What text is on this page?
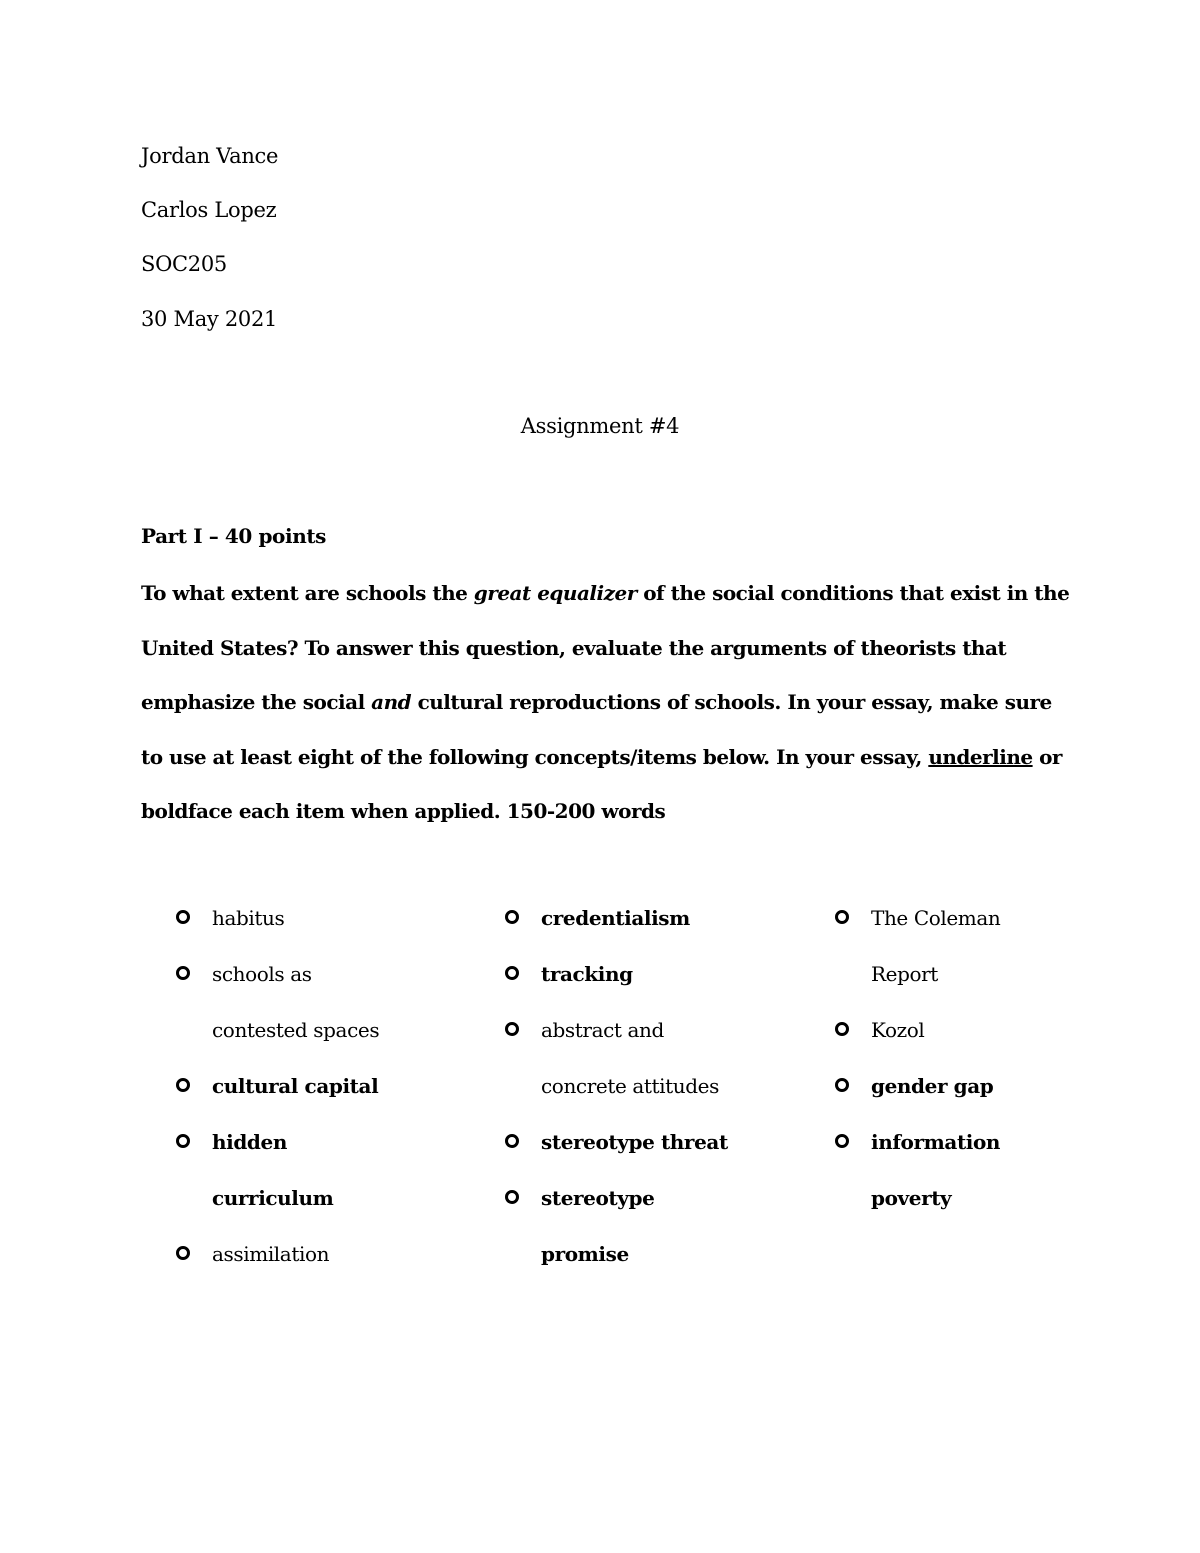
Jordan Vance

Carlos Lopez

SOC205

30 May 2021

Assignment #4
Part I – 40 points

To what extent are schools the great equalizer of the social conditions that exist in the United States? To answer this question, evaluate the arguments of theorists that emphasize the social and cultural reproductions of schools. In your essay, make sure to use at least eight of the following concepts/items below. In your essay, underline or boldface each item when applied. 150-200 words

habitus
schools as contested spaces
cultural capital
hidden curriculum
assimilation
credentialism
tracking
abstract and concrete attitudes
stereotype threat
stereotype promise
The Coleman Report
Kozol
gender gap
information poverty
